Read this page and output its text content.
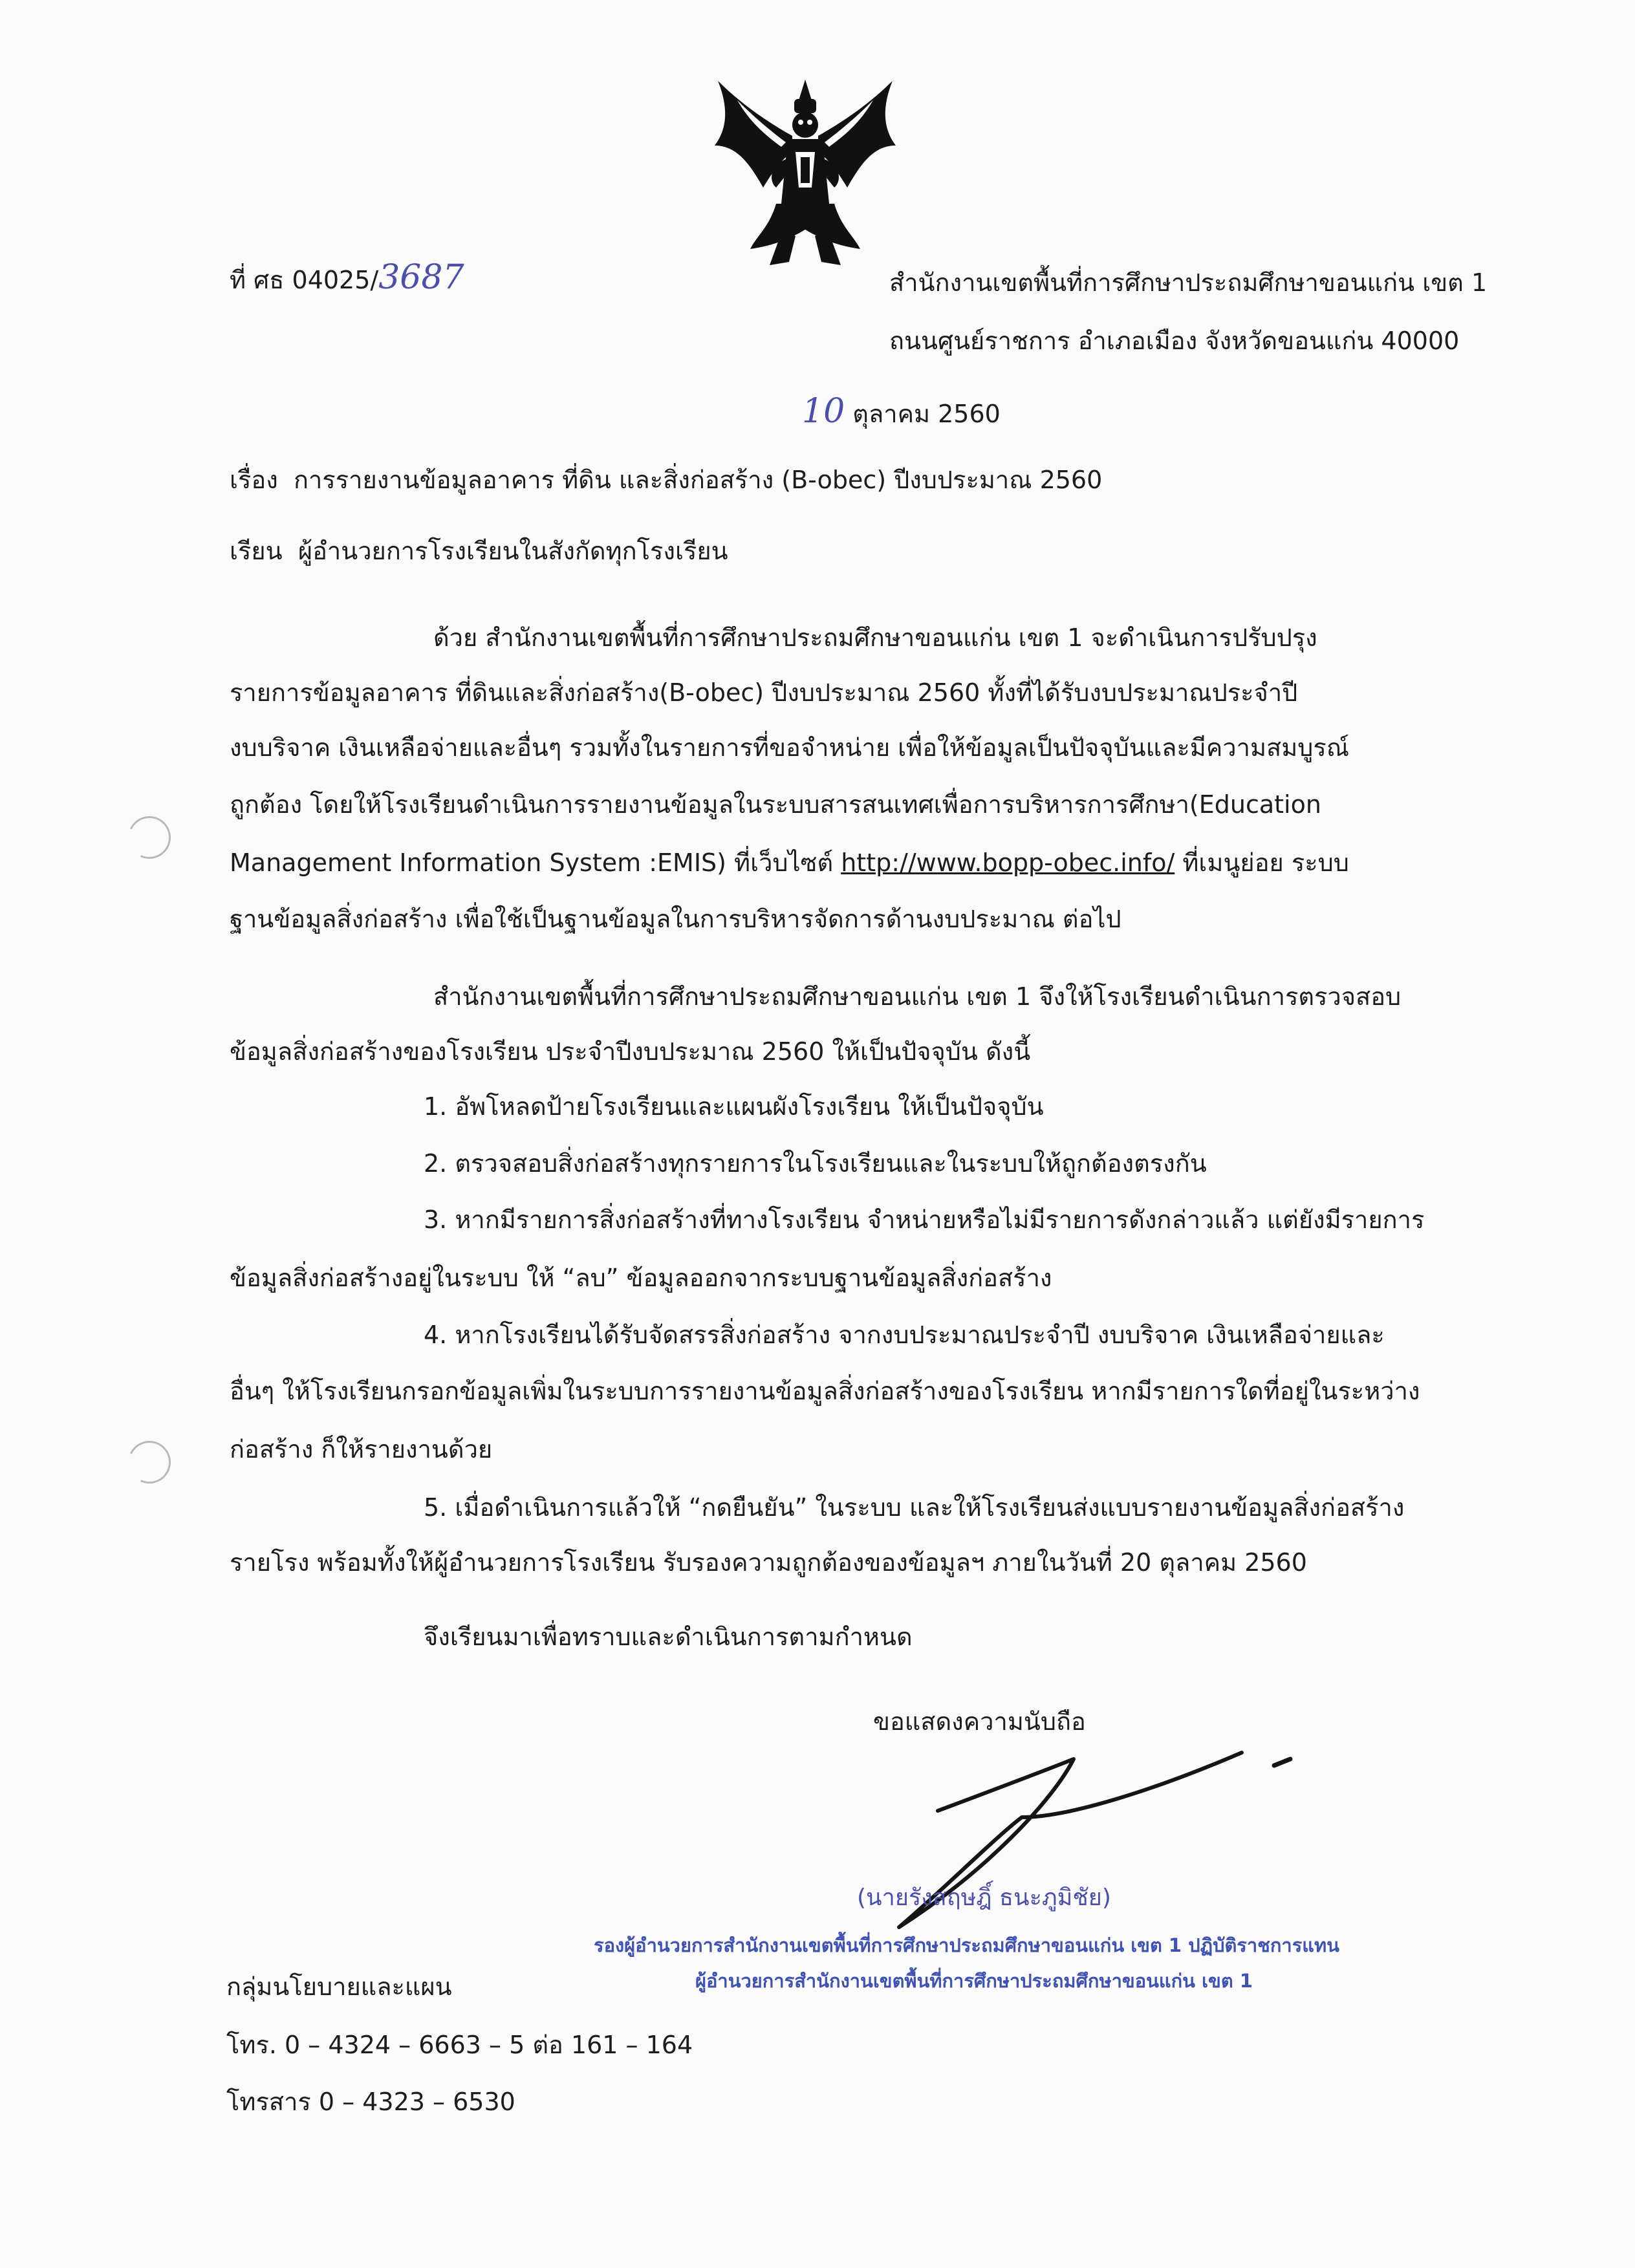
ที่ ศธ 04025/3687	สำนักงานเขตพื้นที่การศึกษาประถมศึกษาขอนแก่น เขต 1
ถนนศูนย์ราชการ อำเภอเมือง จังหวัดขอนแก่น 40000
10 ตุลาคม 2560
เรื่อง การรายงานข้อมูลอาคาร ที่ดิน และสิ่งก่อสร้าง (B-obec) ปีงบประมาณ 2560
เรียน ผู้อำนวยการโรงเรียนในสังกัดทุกโรงเรียน
ด้วย สำนักงานเขตพื้นที่การศึกษาประถมศึกษาขอนแก่น เขต 1 จะดำเนินการปรับปรุง
รายการข้อมูลอาคาร ที่ดินและสิ่งก่อสร้าง(B-obec) ปีงบประมาณ 2560 ทั้งที่ได้รับงบประมาณประจำปี
งบบริจาค เงินเหลือจ่ายและอื่นๆ รวมทั้งในรายการที่ขอจำหน่าย เพื่อให้ข้อมูลเป็นปัจจุบันและมีความสมบูรณ์
ถูกต้อง โดยให้โรงเรียนดำเนินการรายงานข้อมูลในระบบสารสนเทศเพื่อการบริหารการศึกษา(Education
Management Information System :EMIS) ที่เว็บไซต์ http://www.bopp-obec.info/ ที่เมนูย่อย ระบบ
ฐานข้อมูลสิ่งก่อสร้าง เพื่อใช้เป็นฐานข้อมูลในการบริหารจัดการด้านงบประมาณ ต่อไป
สำนักงานเขตพื้นที่การศึกษาประถมศึกษาขอนแก่น เขต 1 จึงให้โรงเรียนดำเนินการตรวจสอบ
ข้อมูลสิ่งก่อสร้างของโรงเรียน ประจำปีงบประมาณ 2560 ให้เป็นปัจจุบัน ดังนี้
1. อัพโหลดป้ายโรงเรียนและแผนผังโรงเรียน ให้เป็นปัจจุบัน
2. ตรวจสอบสิ่งก่อสร้างทุกรายการในโรงเรียนและในระบบให้ถูกต้องตรงกัน
3. หากมีรายการสิ่งก่อสร้างที่ทางโรงเรียน จำหน่ายหรือไม่มีรายการดังกล่าวแล้ว แต่ยังมีรายการ
ข้อมูลสิ่งก่อสร้างอยู่ในระบบ ให้ “ลบ” ข้อมูลออกจากระบบฐานข้อมูลสิ่งก่อสร้าง
4. หากโรงเรียนได้รับจัดสรรสิ่งก่อสร้าง จากงบประมาณประจำปี งบบริจาค เงินเหลือจ่ายและ
อื่นๆ ให้โรงเรียนกรอกข้อมูลเพิ่มในระบบการรายงานข้อมูลสิ่งก่อสร้างของโรงเรียน หากมีรายการใดที่อยู่ในระหว่าง
ก่อสร้าง ก็ให้รายงานด้วย
5. เมื่อดำเนินการแล้วให้ “กดยืนยัน” ในระบบ และให้โรงเรียนส่งแบบรายงานข้อมูลสิ่งก่อสร้าง
รายโรง พร้อมทั้งให้ผู้อำนวยการโรงเรียน รับรองความถูกต้องของข้อมูลฯ ภายในวันที่ 20 ตุลาคม 2560
จึงเรียนมาเพื่อทราบและดำเนินการตามกำหนด
ขอแสดงความนับถือ
(นายรังสฤษฎิ์ ธนะภูมิชัย)
รองผู้อำนวยการสำนักงานเขตพื้นที่การศึกษาประถมศึกษาขอนแก่น เขต 1 ปฏิบัติราชการแทน
ผู้อำนวยการสำนักงานเขตพื้นที่การศึกษาประถมศึกษาขอนแก่น เขต 1
กลุ่มนโยบายและแผน
โทร. 0 – 4324 – 6663 – 5 ต่อ 161 – 164
โทรสาร 0 – 4323 – 6530
